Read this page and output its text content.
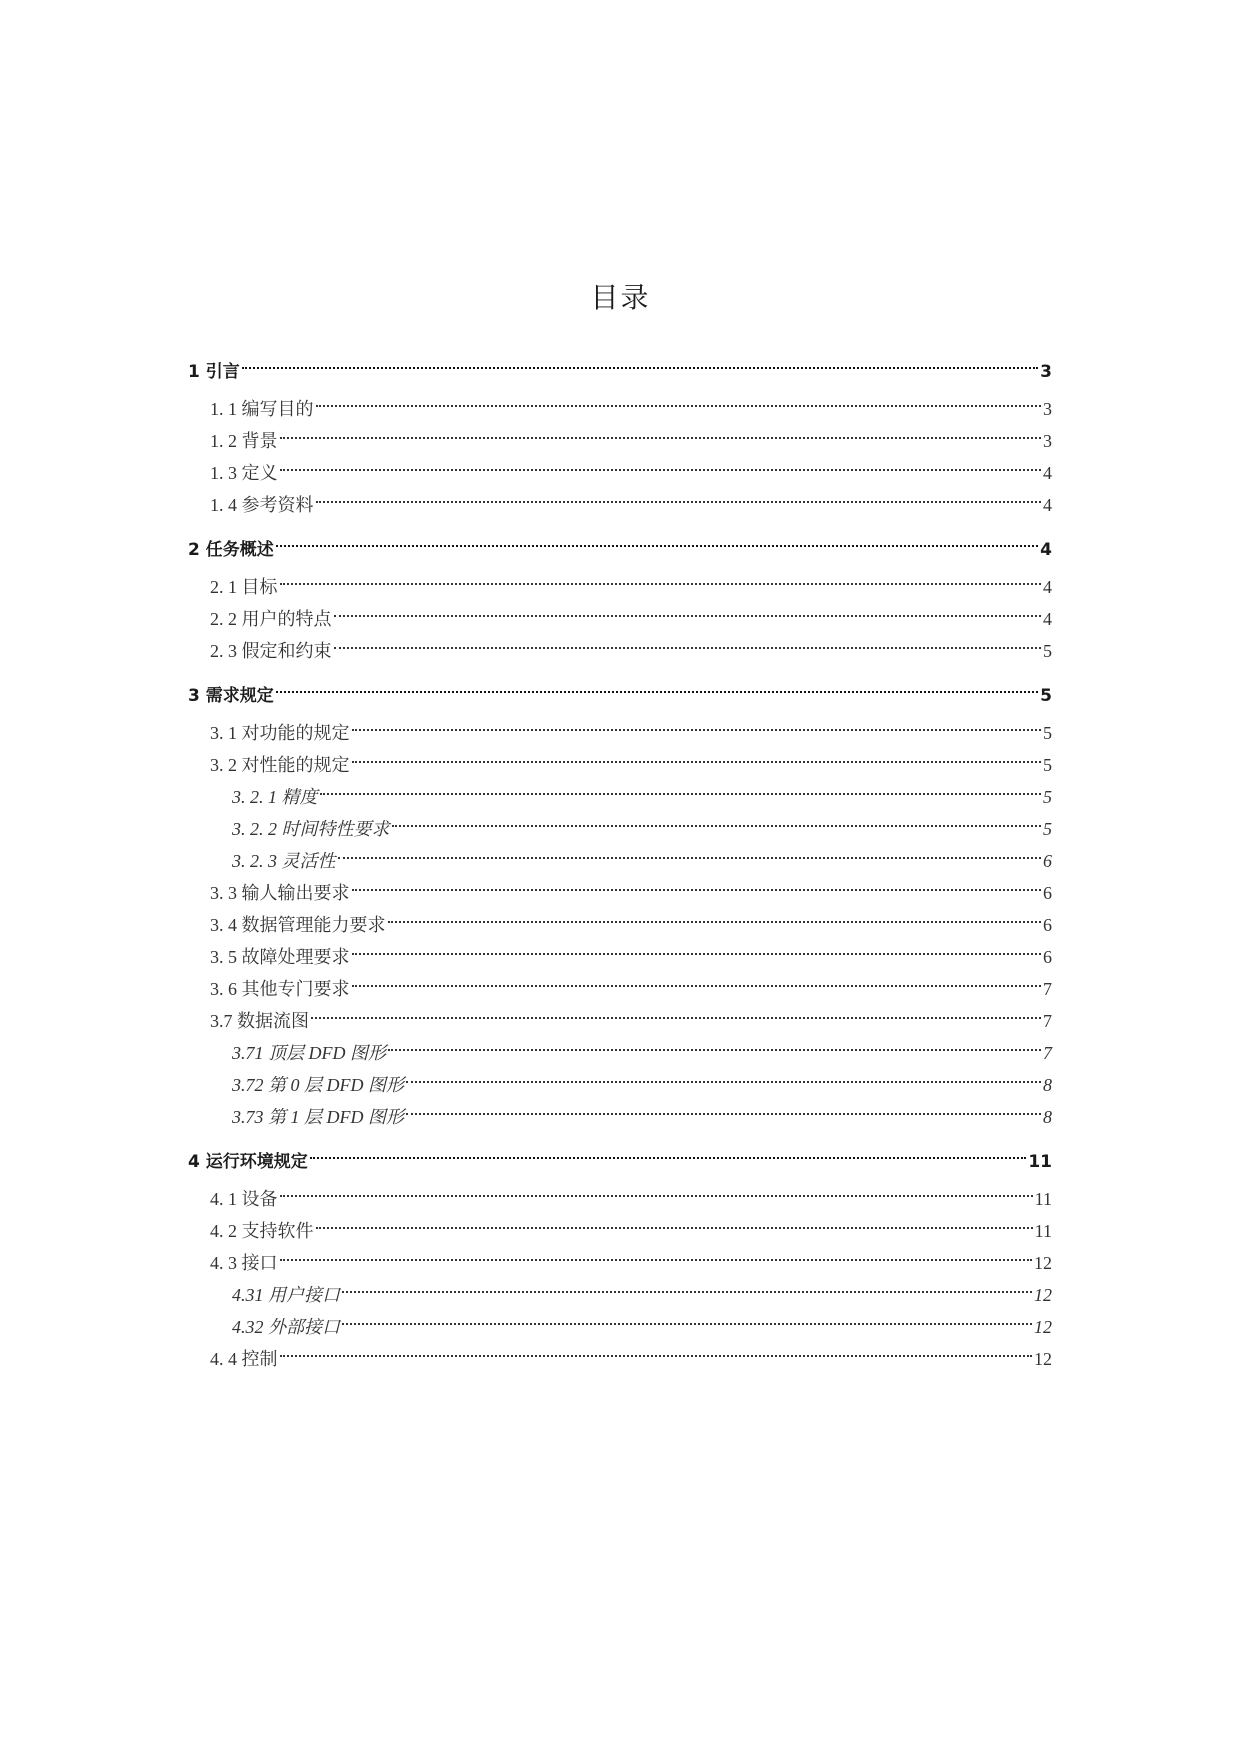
目录
1 引言	3
1. 1 编写目的	3
1. 2 背景	3
1. 3 定义	4
1. 4 参考资料	4
2 任务概述	4
2. 1 目标	4
2. 2 用户的特点	4
2. 3 假定和约束	5
3 需求规定	5
3. 1 对功能的规定	5
3. 2 对性能的规定	5
3. 2. 1 精度	5
3. 2. 2 时间特性要求	5
3. 2. 3 灵活性	6
3. 3 输人输出要求	6
3. 4 数据管理能力要求	6
3. 5 故障处理要求	6
3. 6 其他专门要求	7
3.7 数据流图	7
3.71 顶层 DFD 图形	7
3.72 第 0 层 DFD 图形	8
3.73 第 1 层 DFD 图形	8
4 运行环境规定	11
4. 1 设备	11
4. 2 支持软件	11
4. 3 接口	12
4.31 用户接口	12
4.32 外部接口	12
4. 4 控制	12
